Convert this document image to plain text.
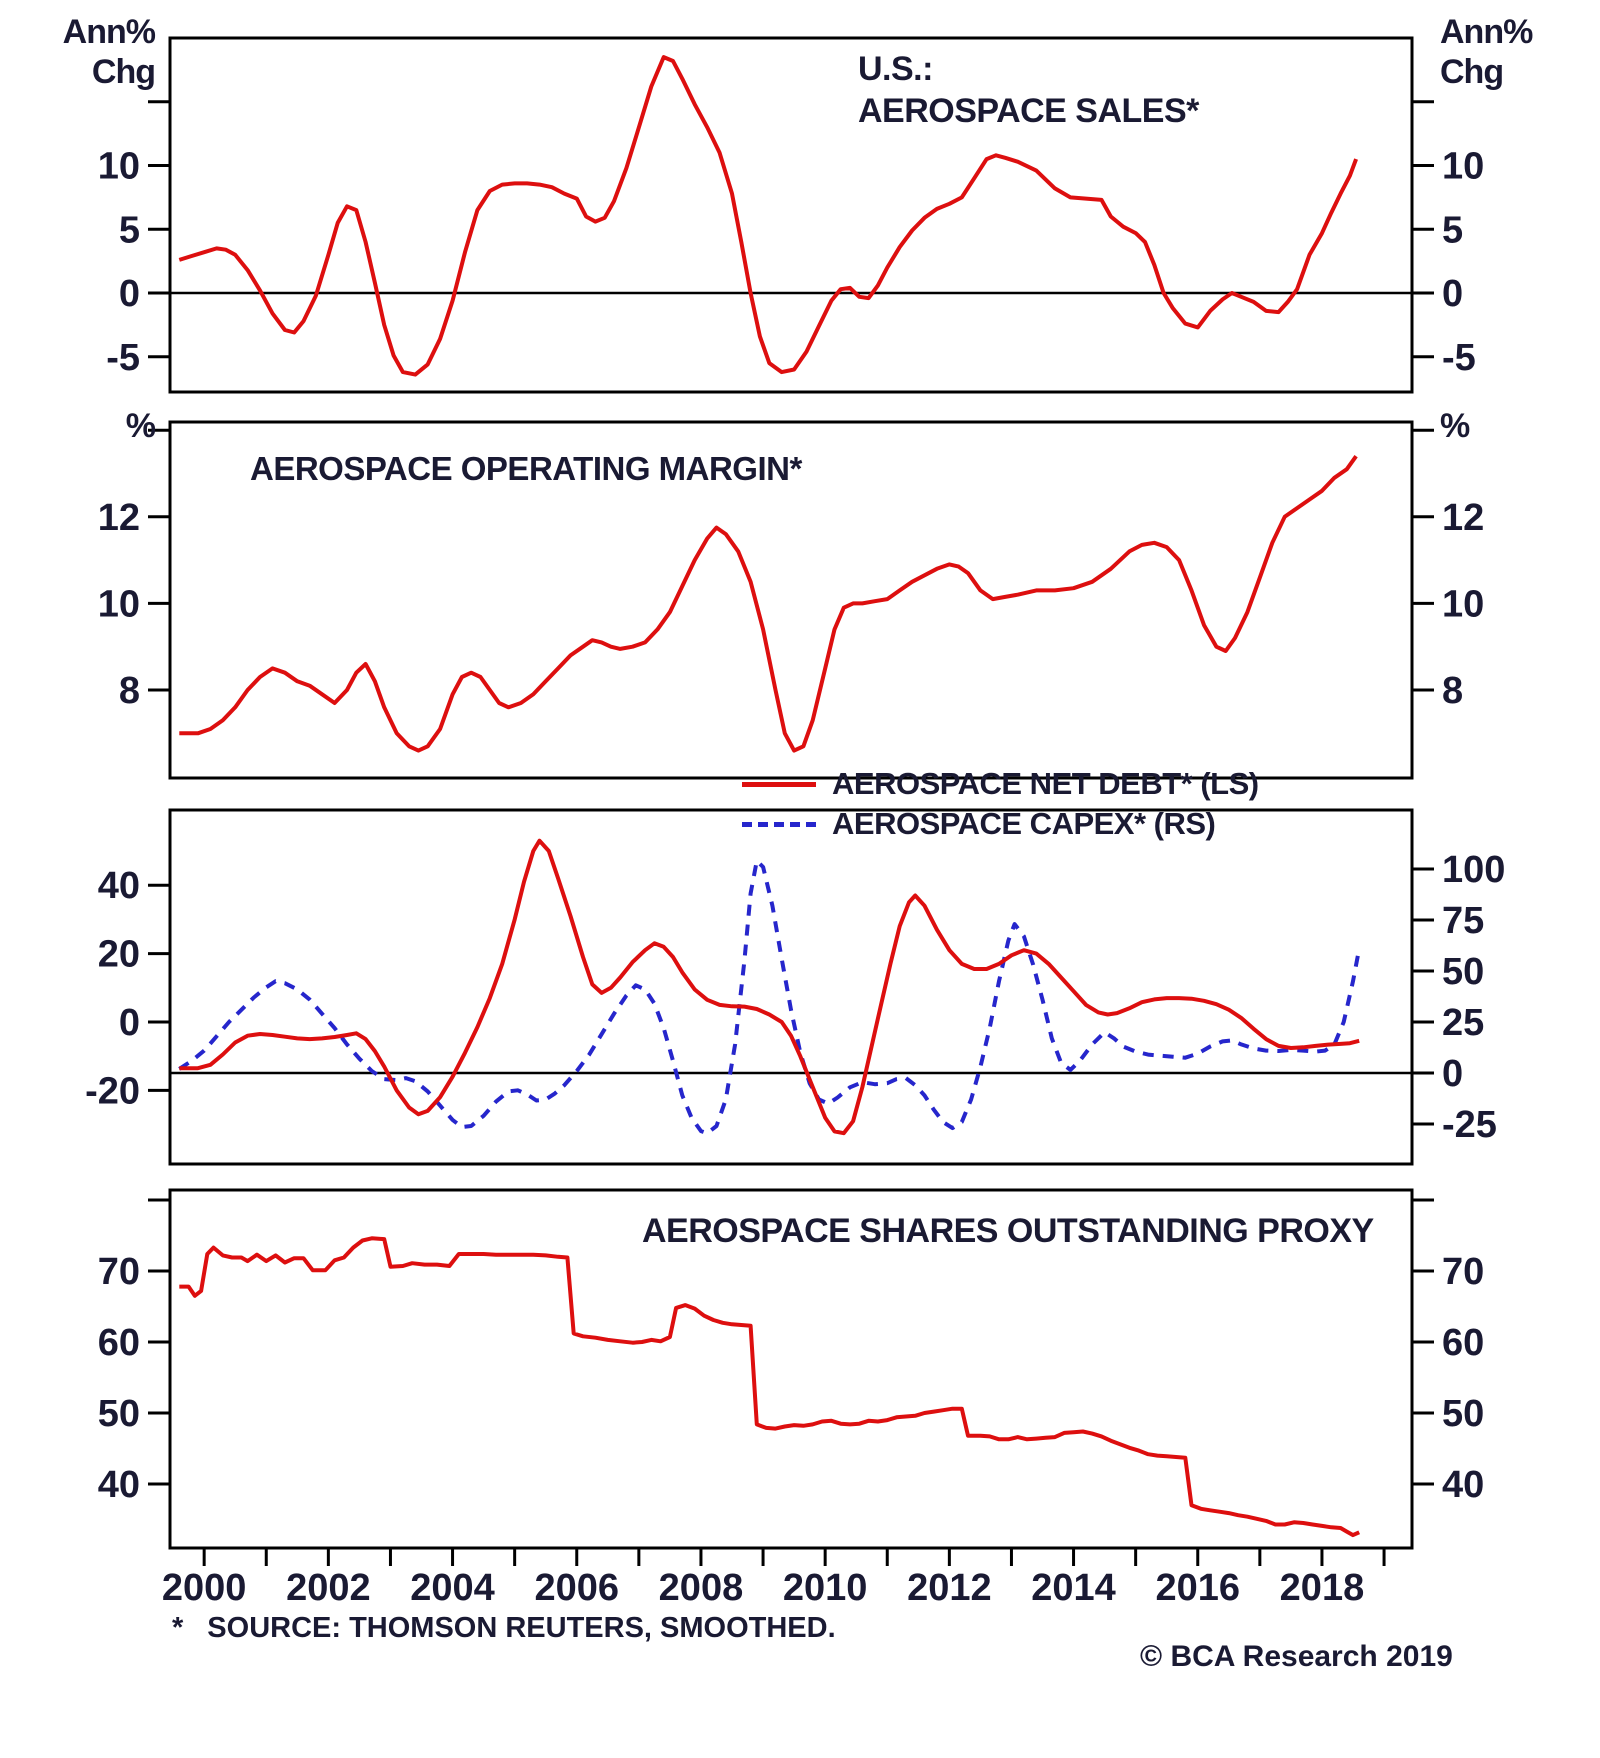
10	10
5	5
0	0
-5	-5
12	12
10	10
8	8
40
20
0
-20
100
75
50
25
0
-25
70	70
60	60
50	50
40	40
2000 2002 2004 2006 2008 2010 2012 2014 2016 2018
Ann%
Chg
Ann%
Chg
%	%
U.S.:
AEROSPACE SALES*
AEROSPACE OPERATING MARGIN*
AEROSPACE SHARES OUTSTANDING PROXY
AEROSPACE NET DEBT* (LS)
AEROSPACE CAPEX* (RS)
* SOURCE: THOMSON REUTERS, SMOOTHED.
© BCA Research 2019
